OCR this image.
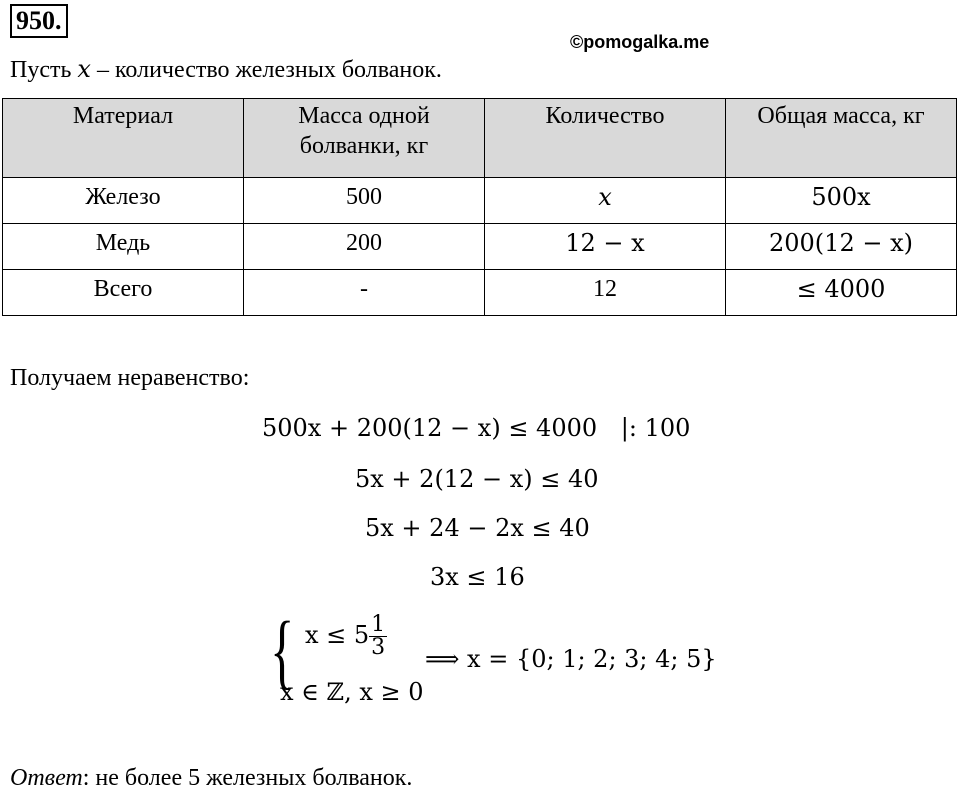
950.
©pomogalka.me
Пусть x – количество железных болванок.
Материал	Масса одной болванки, кг	Количество	Общая масса, кг
Железо	500	x	500x
Медь	200	12 − x	200(12 − x)
Всего	-	12	≤ 4000
Получаем неравенство:
500x + 200(12 − x) ≤ 4000 |: 100
5x + 2(12 − x) ≤ 40
5x + 24 − 2x ≤ 40
3x ≤ 16
{ $x \le 5 \frac{1}{3}$
x ∈ ℤ, x ≥ 0
⟹ x = {0; 1; 2; 3; 4; 5}
Ответ: не более 5 железных болванок.
